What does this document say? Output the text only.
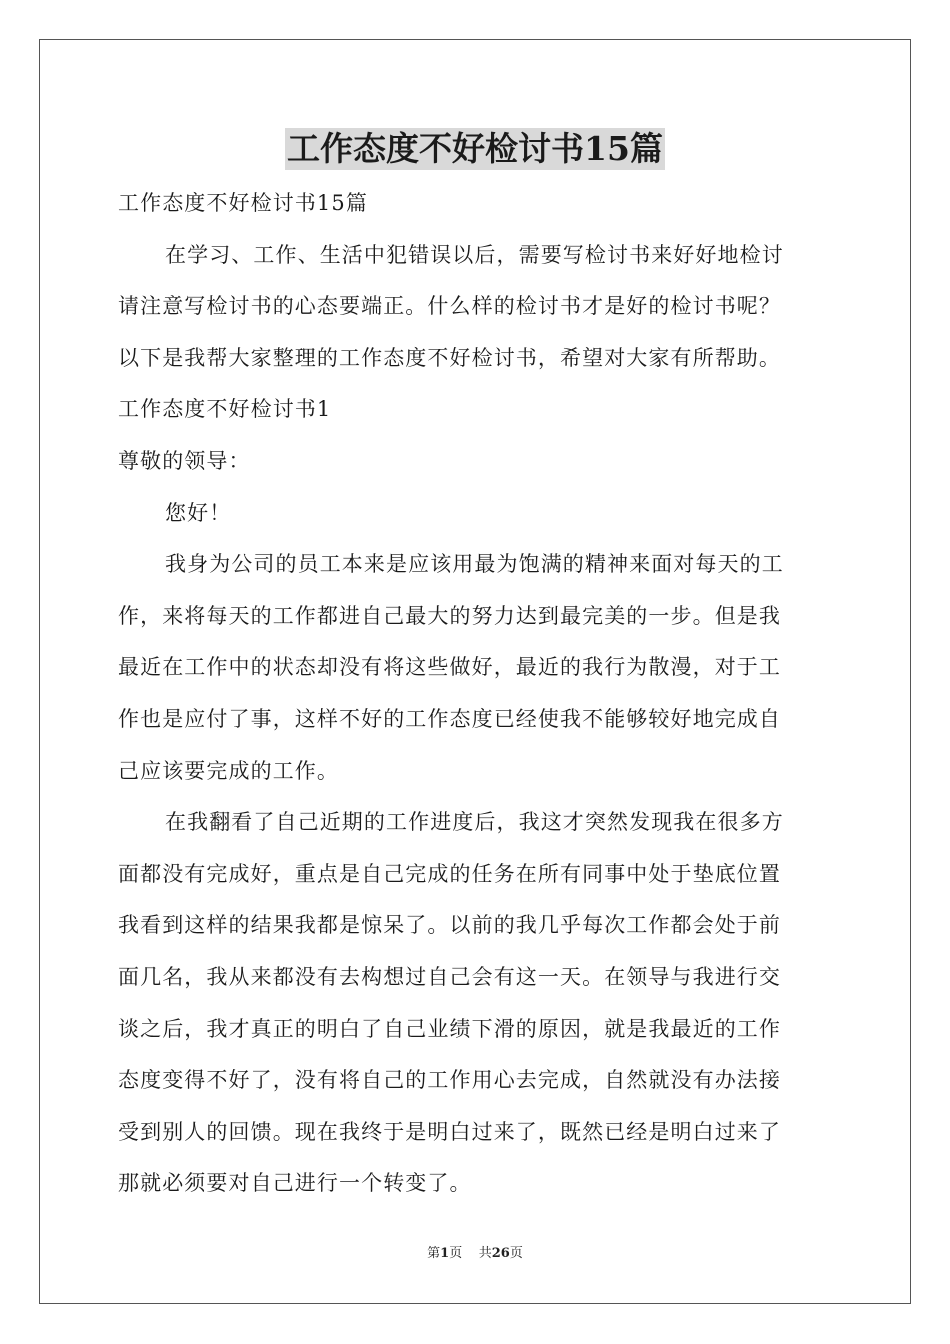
工作态度不好检讨书15篇
工作态度不好检讨书15篇
在学习、工作、生活中犯错误以后，需要写检讨书来好好地检讨
请注意写检讨书的心态要端正。什么样的检讨书才是好的检讨书呢？
以下是我帮大家整理的工作态度不好检讨书，希望对大家有所帮助。
工作态度不好检讨书1
尊敬的领导：
您好！
我身为公司的员工本来是应该用最为饱满的精神来面对每天的工
作，来将每天的工作都进自己最大的努力达到最完美的一步。但是我
最近在工作中的状态却没有将这些做好，最近的我行为散漫，对于工
作也是应付了事，这样不好的工作态度已经使我不能够较好地完成自
己应该要完成的工作。
在我翻看了自己近期的工作进度后，我这才突然发现我在很多方
面都没有完成好，重点是自己完成的任务在所有同事中处于垫底位置
我看到这样的结果我都是惊呆了。以前的我几乎每次工作都会处于前
面几名，我从来都没有去构想过自己会有这一天。在领导与我进行交
谈之后，我才真正的明白了自己业绩下滑的原因，就是我最近的工作
态度变得不好了，没有将自己的工作用心去完成，自然就没有办法接
受到别人的回馈。现在我终于是明白过来了，既然已经是明白过来了
那就必须要对自己进行一个转变了。
第1页 共26页
